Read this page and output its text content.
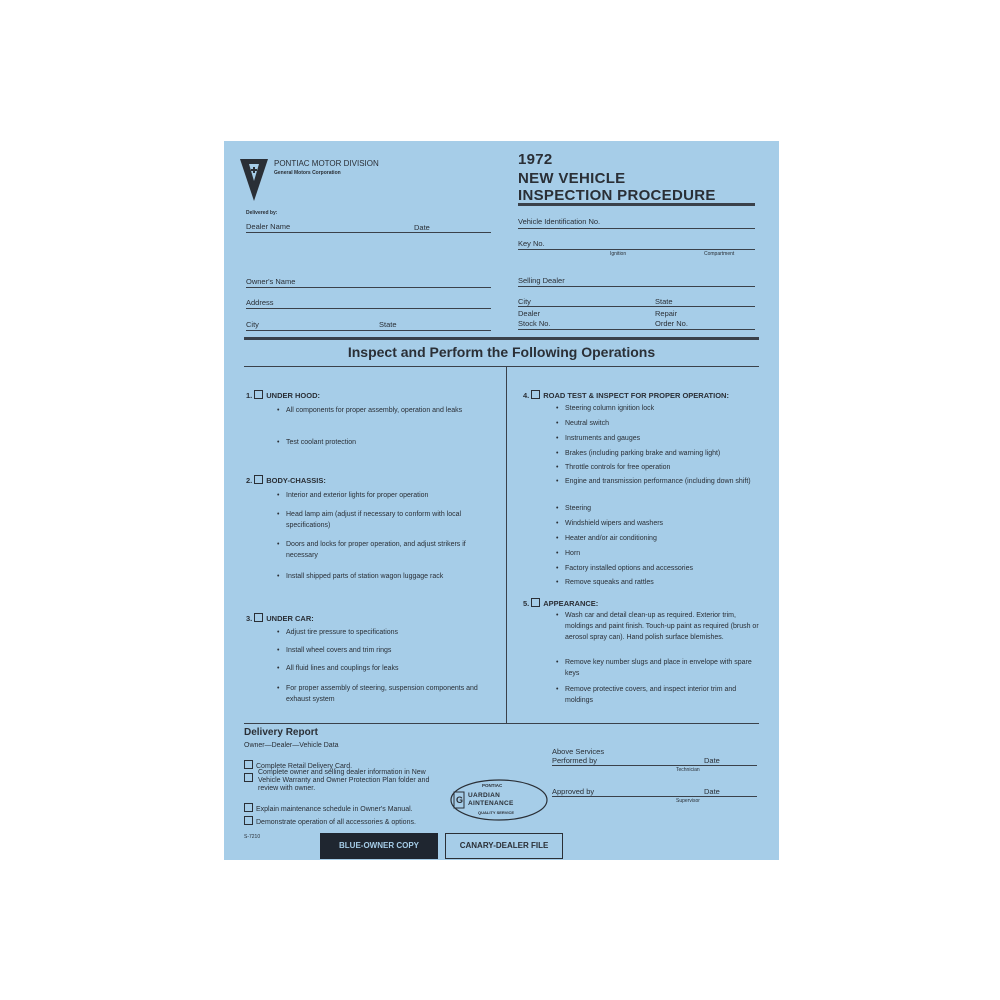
PONTIAC MOTOR DIVISION
General Motors Corporation
1972
NEW VEHICLE
INSPECTION PROCEDURE
Delivered by:
Dealer Name	Date
Owner's Name
Address
City	State
Vehicle Identification No.
Key No.
Ignition	Compartment
Selling Dealer
City	State
Dealer
Stock No.
Repair
Order No.
Inspect and Perform the Following Operations
1. UNDER HOOD:
• All components for proper assembly, operation and leaks
• Test coolant protection
2. BODY-CHASSIS:
• Interior and exterior lights for proper operation
• Head lamp aim (adjust if necessary to conform with local specifications)
• Doors and locks for proper operation, and adjust strikers if necessary
• Install shipped parts of station wagon luggage rack
3. UNDER CAR:
• Adjust tire pressure to specifications
• Install wheel covers and trim rings
• All fluid lines and couplings for leaks
• For proper assembly of steering, suspension components and exhaust system
4. ROAD TEST & INSPECT FOR PROPER OPERATION:
• Steering column ignition lock
• Neutral switch
• Instruments and gauges
• Brakes (including parking brake and warning light)
• Throttle controls for free operation
• Engine and transmission performance (including down shift)
• Steering
• Windshield wipers and washers
• Heater and/or air conditioning
• Horn
• Factory installed options and accessories
• Remove squeaks and rattles
5. APPEARANCE:
• Wash car and detail clean-up as required. Exterior trim, moldings and paint finish. Touch-up paint as required (brush or aerosol spray can). Hand polish surface blemishes.
• Remove key number slugs and place in envelope with spare keys
• Remove protective covers, and inspect interior trim and moldings
Delivery Report
Owner—Dealer—Vehicle Data
Complete Retail Delivery Card.
Complete owner and selling dealer information in New Vehicle Warranty and Owner Protection Plan folder and review with owner.
Explain maintenance schedule in Owner's Manual.
Demonstrate operation of all accessories & options.
G
PONTIAC
UARDIAN
AINTENANCE
QUALITY SERVICE
Above Services
Performed by	Date
Technician
Approved by	Date
Supervisor
S-7210
BLUE-OWNER COPY	CANARY-DEALER FILE
